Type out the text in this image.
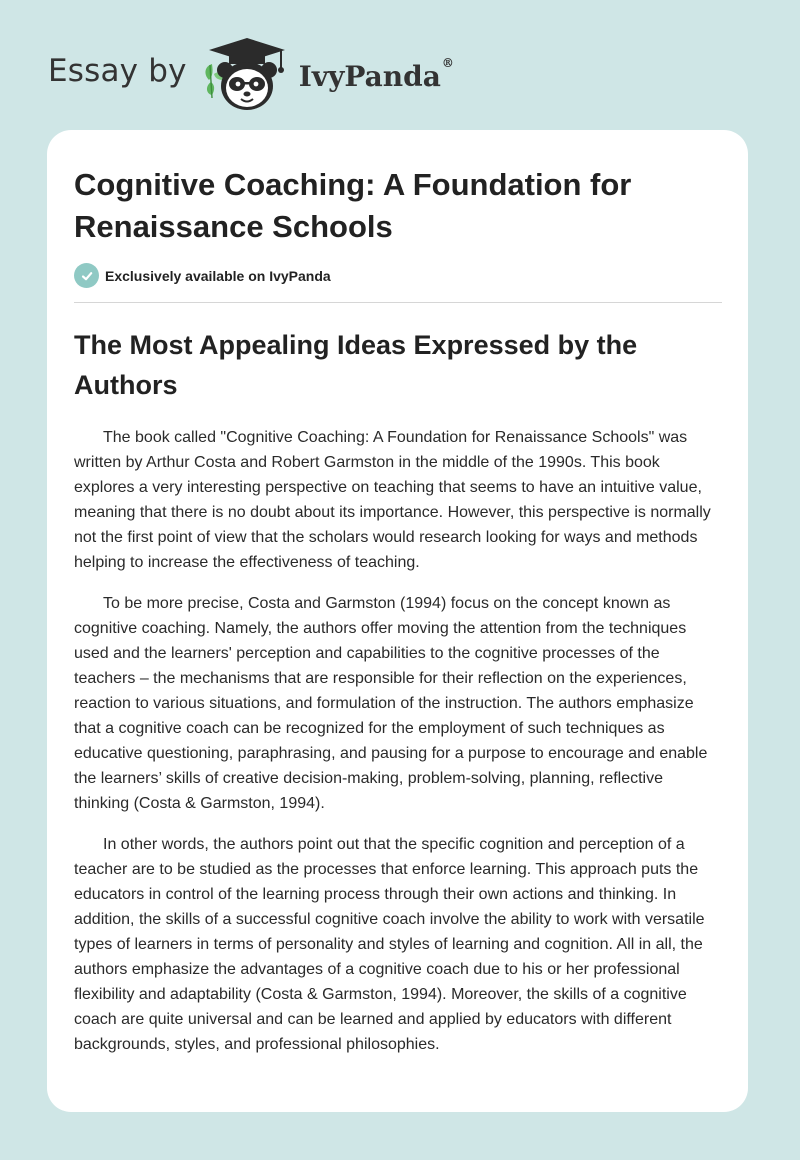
Essay by	IvyPanda®
Cognitive Coaching: A Foundation for Renaissance Schools
Exclusively available on IvyPanda
The Most Appealing Ideas Expressed by the Authors

The book called "Cognitive Coaching: A Foundation for Renaissance Schools" was written by Arthur Costa and Robert Garmston in the middle of the 1990s. This book explores a very interesting perspective on teaching that seems to have an intuitive value, meaning that there is no doubt about its importance. However, this perspective is normally not the first point of view that the scholars would research looking for ways and methods helping to increase the effectiveness of teaching.

To be more precise, Costa and Garmston (1994) focus on the concept known as cognitive coaching. Namely, the authors offer moving the attention from the techniques used and the learners' perception and capabilities to the cognitive processes of the teachers – the mechanisms that are responsible for their reflection on the experiences, reaction to various situations, and formulation of the instruction. The authors emphasize that a cognitive coach can be recognized for the employment of such techniques as educative questioning, paraphrasing, and pausing for a purpose to encourage and enable the learners’ skills of creative decision-making, problem-solving, planning, reflective thinking (Costa & Garmston, 1994).

In other words, the authors point out that the specific cognition and perception of a teacher are to be studied as the processes that enforce learning. This approach puts the educators in control of the learning process through their own actions and thinking. In addition, the skills of a successful cognitive coach involve the ability to work with versatile types of learners in terms of personality and styles of learning and cognition. All in all, the authors emphasize the advantages of a cognitive coach due to his or her professional flexibility and adaptability (Costa & Garmston, 1994). Moreover, the skills of a cognitive coach are quite universal and can be learned and applied by educators with different backgrounds, styles, and professional philosophies.
